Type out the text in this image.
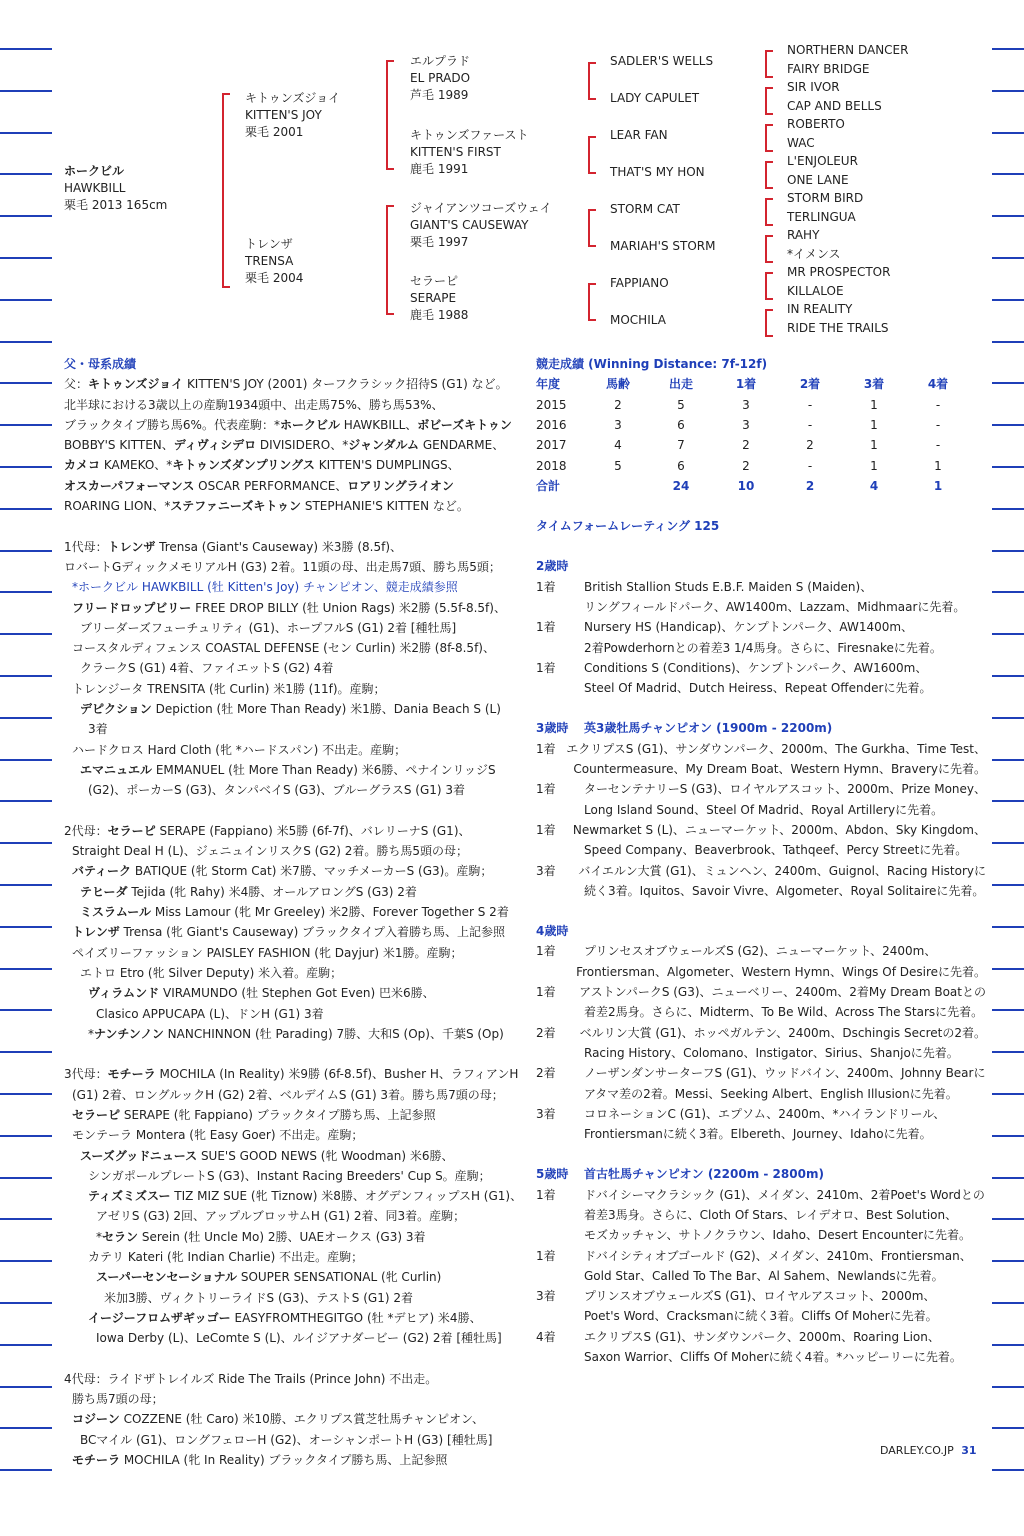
ホークビル
HAWKBILL
栗毛 2013 165cm
キトゥンズジョイ
KITTEN'S JOY
栗毛 2001
トレンザ
TRENSA
栗毛 2004
エルプラド
EL PRADO
芦毛 1989
キトゥンズファースト
KITTEN'S FIRST
鹿毛 1991
ジャイアンツコーズウェイ
GIANT'S CAUSEWAY
栗毛 1997
セラーピ
SERAPE
鹿毛 1988
SADLER'S WELLS
LADY CAPULET
LEAR FAN
THAT'S MY HON
STORM CAT
MARIAH'S STORM
FAPPIANO
MOCHILA
NORTHERN DANCER
FAIRY BRIDGE
SIR IVOR
CAP AND BELLS
ROBERTO
WAC
L'ENJOLEUR
ONE LANE
STORM BIRD
TERLINGUA
RAHY
*イメンス
MR PROSPECTOR
KILLALOE
IN REALITY
RIDE THE TRAILS
父・母系成績
父：キトゥンズジョイ KITTEN'S JOY (2001) ターフクラシック招待S (G1) など。
北半球における3歳以上の産駒1934頭中、出走馬75%、勝ち馬53%、
ブラックタイプ勝ち馬6%。代表産駒：*ホークビル HAWKBILL、ボビーズキトゥン
BOBBY'S KITTEN、ディヴィシデロ DIVISIDERO、*ジャンダルム GENDARME、
カメコ KAMEKO、*キトゥンズダンプリングス KITTEN'S DUMPLINGS、
オスカーパフォーマンス OSCAR PERFORMANCE、ロアリングライオン
ROARING LION、*ステファニーズキトゥン STEPHANIE'S KITTEN など。

1代母：トレンザ Trensa (Giant's Causeway) 米3勝 (8.5f)、
ロバートGディックメモリアルH (G3) 2着。11頭の母、出走馬7頭、勝ち馬5頭；
*ホークビル HAWKBILL (牡 Kitten's Joy) チャンピオン、競走成績参照
フリードロップビリー FREE DROP BILLY (牡 Union Rags) 米2勝 (5.5f-8.5f)、
ブリーダーズフューチュリティ (G1)、ホープフルS (G1) 2着 [種牡馬]
コースタルディフェンス COASTAL DEFENSE (セン Curlin) 米2勝 (8f-8.5f)、
クラークS (G1) 4着、ファイエットS (G2) 4着
トレンジータ TRENSITA (牝 Curlin) 米1勝 (11f)。産駒；
デピクション Depiction (牡 More Than Ready) 米1勝、Dania Beach S (L)
3着
ハードクロス Hard Cloth (牝 *ハードスパン) 不出走。産駒；
エマニュエル EMMANUEL (牡 More Than Ready) 米6勝、ペナインリッジS
(G2)、ポーカーS (G3)、タンパベイS (G3)、ブルーグラスS (G1) 3着

2代母：セラーピ SERAPE (Fappiano) 米5勝 (6f-7f)、バレリーナS (G1)、
Straight Deal H (L)、ジェニュインリスクS (G2) 2着。勝ち馬5頭の母；
バティーク BATIQUE (牝 Storm Cat) 米7勝、マッチメーカーS (G3)。産駒；
テヒーダ Tejida (牝 Rahy) 米4勝、オールアロングS (G3) 2着
ミスラムール Miss Lamour (牝 Mr Greeley) 米2勝、Forever Together S 2着
トレンザ Trensa (牝 Giant's Causeway) ブラックタイプ入着勝ち馬、上記参照
ペイズリーファッション PAISLEY FASHION (牝 Dayjur) 米1勝。産駒；
エトロ Etro (牝 Silver Deputy) 米入着。産駒；
ヴィラムンド VIRAMUNDO (牡 Stephen Got Even) 巴米6勝、
Clasico APPUCAPA (L)、ドンH (G1) 3着
*ナンチンノン NANCHINNON (牡 Parading) 7勝、大和S (Op)、千葉S (Op)

3代母：モチーラ MOCHILA (In Reality) 米9勝 (6f-8.5f)、Busher H、ラフィアンH
(G1) 2着、ロングルックH (G2) 2着、ベルデイムS (G1) 3着。勝ち馬7頭の母；
セラーピ SERAPE (牝 Fappiano) ブラックタイプ勝ち馬、上記参照
モンテーラ Montera (牝 Easy Goer) 不出走。産駒；
スーズグッドニュース SUE'S GOOD NEWS (牝 Woodman) 米6勝、
シンガポールプレートS (G3)、Instant Racing Breeders' Cup S。産駒；
ティズミズスー TIZ MIZ SUE (牝 Tiznow) 米8勝、オグデンフィップスH (G1)、
アゼリS (G3) 2回、アップルブロッサムH (G1) 2着、同3着。産駒；
*セラン Serein (牡 Uncle Mo) 2勝、UAEオークス (G3) 3着
カテリ Kateri (牝 Indian Charlie) 不出走。産駒；
スーパーセンセーショナル SOUPER SENSATIONAL (牝 Curlin)
米加3勝、ヴィクトリーライドS (G3)、テストS (G1) 2着
イージーフロムザギッゴー EASYFROMTHEGITGO (牡 *デヒア) 米4勝、
Iowa Derby (L)、LeComte S (L)、ルイジアナダービー (G2) 2着 [種牡馬]

4代母：ライドザトレイルズ Ride The Trails (Prince John) 不出走。
勝ち馬7頭の母；
コジーン COZZENE (牡 Caro) 米10勝、エクリプス賞芝牡馬チャンピオン、
BCマイル (G1)、ロングフェローH (G2)、オーシャンポートH (G3) [種牡馬]
モチーラ MOCHILA (牝 In Reality) ブラックタイプ勝ち馬、上記参照
競走成績 (Winning Distance: 7f-12f)
年度	馬齢	出走	1着	2着	3着	4着
2015	2	5	3	-	1	-
2016	3	6	3	-	1	-
2017	4	7	2	2	1	-
2018	5	6	2	-	1	1
合計		24	10	2	4	1
タイムフォームレーティング 125
2歳時
1着	British Stallion Studs E.B.F. Maiden S (Maiden)、
リングフィールドパーク、AW1400m、Lazzam、Midhmaarに先着。
1着	Nursery HS (Handicap)、ケンプトンパーク、AW1400m、
2着Powderhornとの着差3 1/4馬身。さらに、Firesnakeに先着。
1着	Conditions S (Conditions)、ケンプトンパーク、AW1600m、
Steel Of Madrid、Dutch Heiress、Repeat Offenderに先着。
3歳時	英3歳牡馬チャンピオン (1900m - 2200m)
1着 エクリプスS (G1)、サンダウンパーク、2000m、The Gurkha、Time Test、
Countermeasure、My Dream Boat、Western Hymn、Braveryに先着。
1着	ターセンテナリーS (G3)、ロイヤルアスコット、2000m、Prize Money、
Long Island Sound、Steel Of Madrid、Royal Artilleryに先着。
1着	Newmarket S (L)、ニューマーケット、2000m、Abdon、Sky Kingdom、
Speed Company、Beaverbrook、Tathqeef、Percy Streetに先着。
3着	バイエルン大賞 (G1)、ミュンヘン、2400m、Guignol、Racing Historyに
続く3着。Iquitos、Savoir Vivre、Algometer、Royal Solitaireに先着。
4歳時
1着	プリンセスオブウェールズS (G2)、ニューマーケット、2400m、
Frontiersman、Algometer、Western Hymn、Wings Of Desireに先着。
1着	アストンパークS (G3)、ニューベリー、2400m、2着My Dream Boatとの
着差2馬身。さらに、Midterm、To Be Wild、Across The Starsに先着。
2着	ベルリン大賞 (G1)、ホッペガルテン、2400m、Dschingis Secretの2着。
Racing History、Colomano、Instigator、Sirius、Shanjoに先着。
2着	ノーザンダンサーターフS (G1)、ウッドバイン、2400m、Johnny Bearに
アタマ差の2着。Messi、Seeking Albert、English Illusionに先着。
3着	コロネーションC (G1)、エプソム、2400m、*ハイランドリール、
Frontiersmanに続く3着。Elbereth、Journey、Idahoに先着。
5歳時	首古牡馬チャンピオン (2200m - 2800m)
1着	ドバイシーマクラシック (G1)、メイダン、2410m、2着Poet's Wordとの
着差3馬身。さらに、Cloth Of Stars、レイデオロ、Best Solution、
モズカッチャン、サトノクラウン、Idaho、Desert Encounterに先着。
1着	ドバイシティオブゴールド (G2)、メイダン、2410m、Frontiersman、
Gold Star、Called To The Bar、Al Sahem、Newlandsに先着。
3着	プリンスオブウェールズS (G1)、ロイヤルアスコット、2000m、
Poet's Word、Cracksmanに続く3着。Cliffs Of Moherに先着。
4着	エクリプスS (G1)、サンダウンパーク、2000m、Roaring Lion、
Saxon Warrior、Cliffs Of Moherに続く4着。*ハッピーリーに先着。
DARLEY.CO.JP 31
